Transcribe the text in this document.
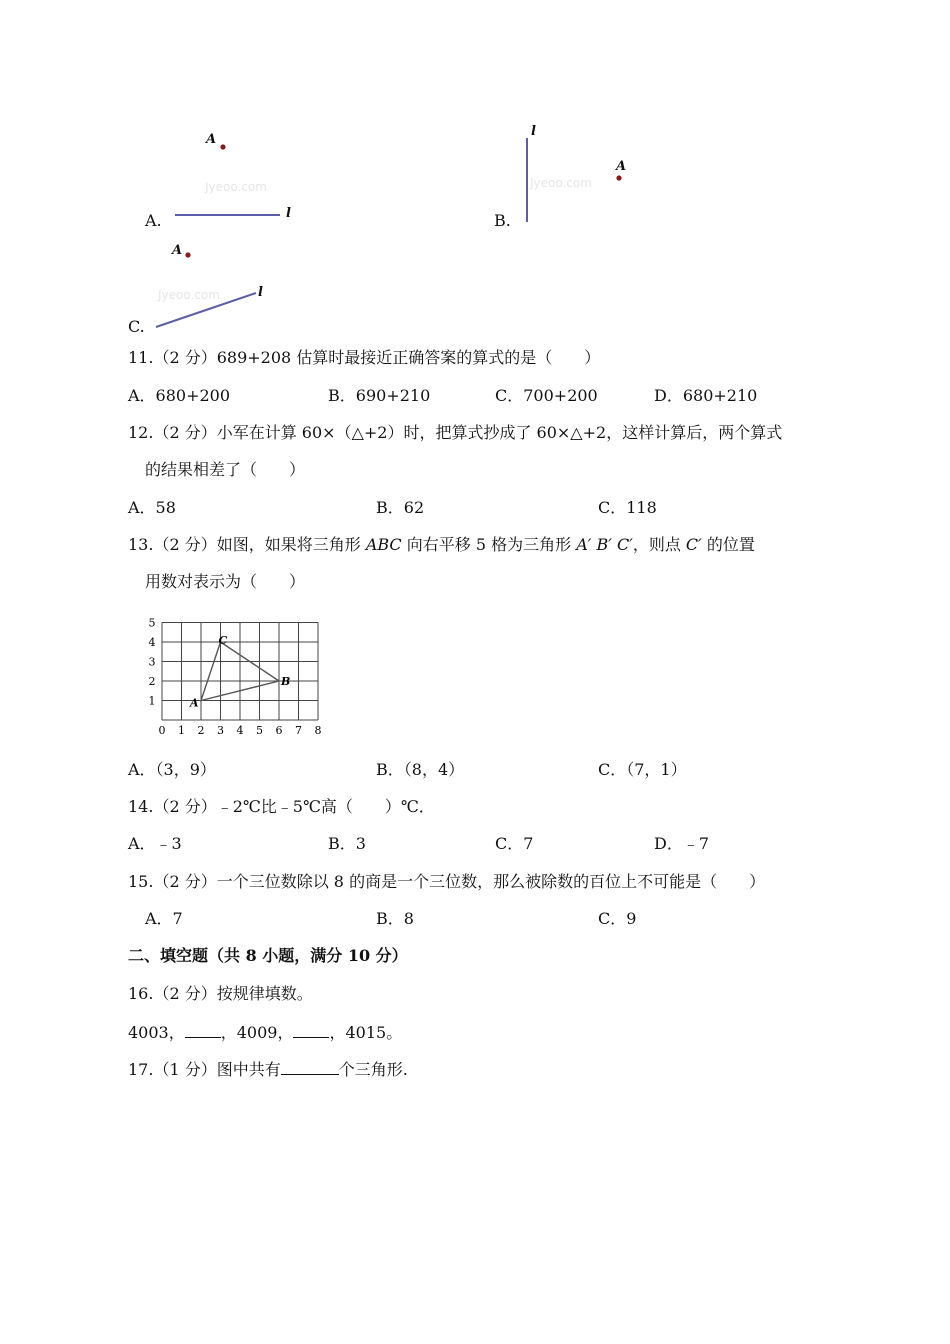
A.
A
Jyeoo.com
l	B.
l
Jyeoo.com
A
C.
A
Jyeoo.com	l
11.（2 分）689+208 估算时最接近正确答案的算式的是（　　）
A．680+200	B．690+210	C．700+200	D．680+210
12.（2 分）小军在计算 60×（△+2）时，把算式抄成了 60×△+2，这样计算后，两个算式
的结果相差了（　　）
A．58	B．62	C．118
13.（2 分）如图，如果将三角形 ABC 向右平移 5 格为三角形 A′ B′ C′，则点 C′ 的位置
用数对表示为（　　）
0 1 2 3 4 5 6 7 8
1
2
3
4
5
A
B
C
A．（3，9）	B．（8，4）	C．（7，1）
14.（2 分）﹣2℃比﹣5℃高（　　）℃．
A．﹣3	B．3	C．7	D．﹣7
15.（2 分）一个三位数除以 8 的商是一个三位数，那么被除数的百位上不可能是（　　）
A．7	B．8	C．9
二、填空题（共 8 小题，满分 10 分）
16.（2 分）按规律填数。
4003， ，4009， ，4015。
17.（1 分）图中共有	个三角形.
